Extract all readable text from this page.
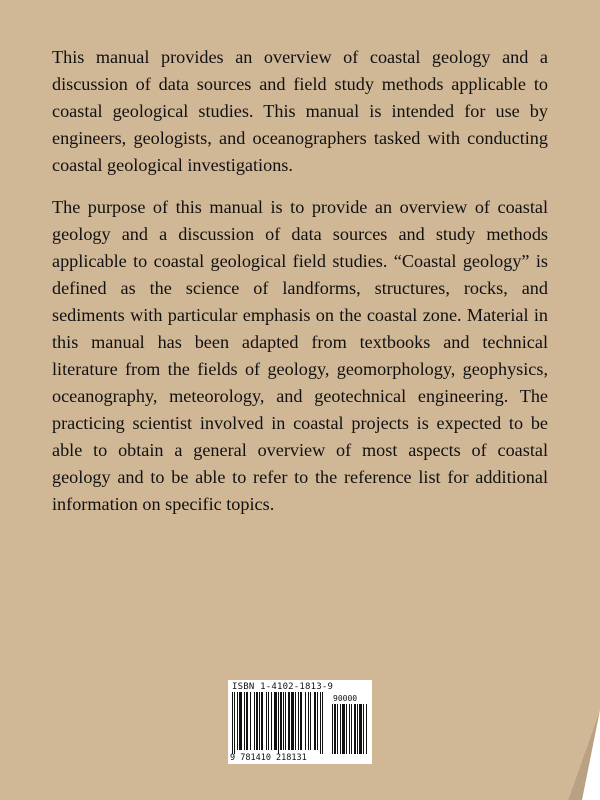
This manual provides an overview of coastal geology and a discussion of data sources and field study methods applicable to coastal geological studies. This manual is intended for use by engineers, geologists, and oceanographers tasked with conducting coastal geological investigations.

The purpose of this manual is to provide an overview of coastal geology and a discussion of data sources and study methods applicable to coastal geological field studies. “Coastal geology” is defined as the science of landforms, structures, rocks, and sediments with particular emphasis on the coastal zone. Material in this manual has been adapted from textbooks and technical literature from the fields of geology, geomorphology, geophysics, oceanography, meteorology, and geotechnical engineering. The practicing scientist involved in coastal projects is expected to be able to obtain a general overview of most aspects of coastal geology and to be able to refer to the reference list for additional information on specific topics.

ISBN 1-4102-1813-9
90000
9 781410 218131
